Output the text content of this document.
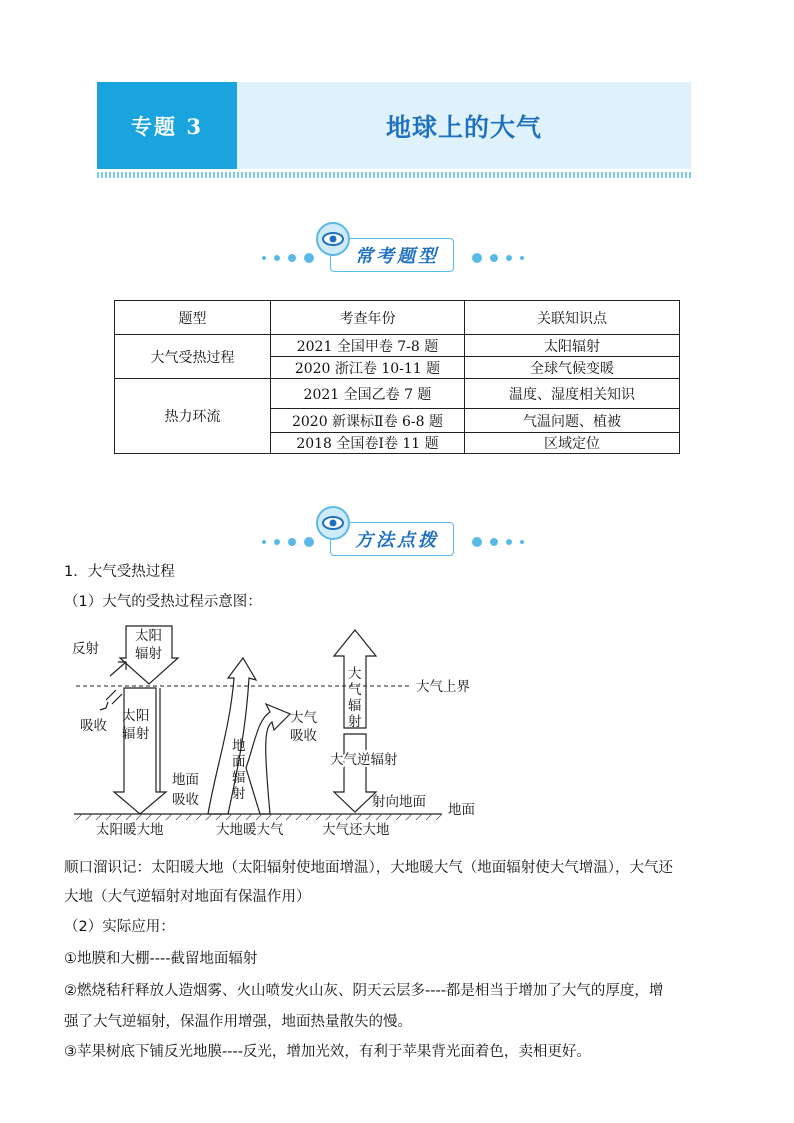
专题 3	地球上的大气
常考题型
题型	考查年份	关联知识点
大气受热过程	2021 全国甲卷 7-8 题	太阳辐射
	2020 浙江卷 10-11 题	全球气候变暖
热力环流	2021 全国乙卷 7 题	温度、湿度相关知识
	2020 新课标Ⅱ卷 6-8 题	气温问题、植被
	2018 全国卷Ⅰ卷 11 题	区域定位
方法点拨
1．大气受热过程
（1）大气的受热过程示意图：
反射
太阳
辐射
吸收
地面
吸收
地
面
辐
射
大气
吸收
大
气
辐
射
大气逆辐射
射向地面
大气上界
地面
太阳暖大地	大地暖大气	大气还大地
太 阳
辐 射
顺口溜识记：太阳暖大地（太阳辐射使地面增温），大地暖大气（地面辐射使大气增温），大气还
大地（大气逆辐射对地面有保温作用）
（2）实际应用：
①地膜和大棚----截留地面辐射
②燃烧秸秆释放人造烟雾、火山喷发火山灰、阴天云层多----都是相当于增加了大气的厚度，增
强了大气逆辐射，保温作用增强，地面热量散失的慢。
③苹果树底下铺反光地膜----反光，增加光效，有利于苹果背光面着色，卖相更好。
